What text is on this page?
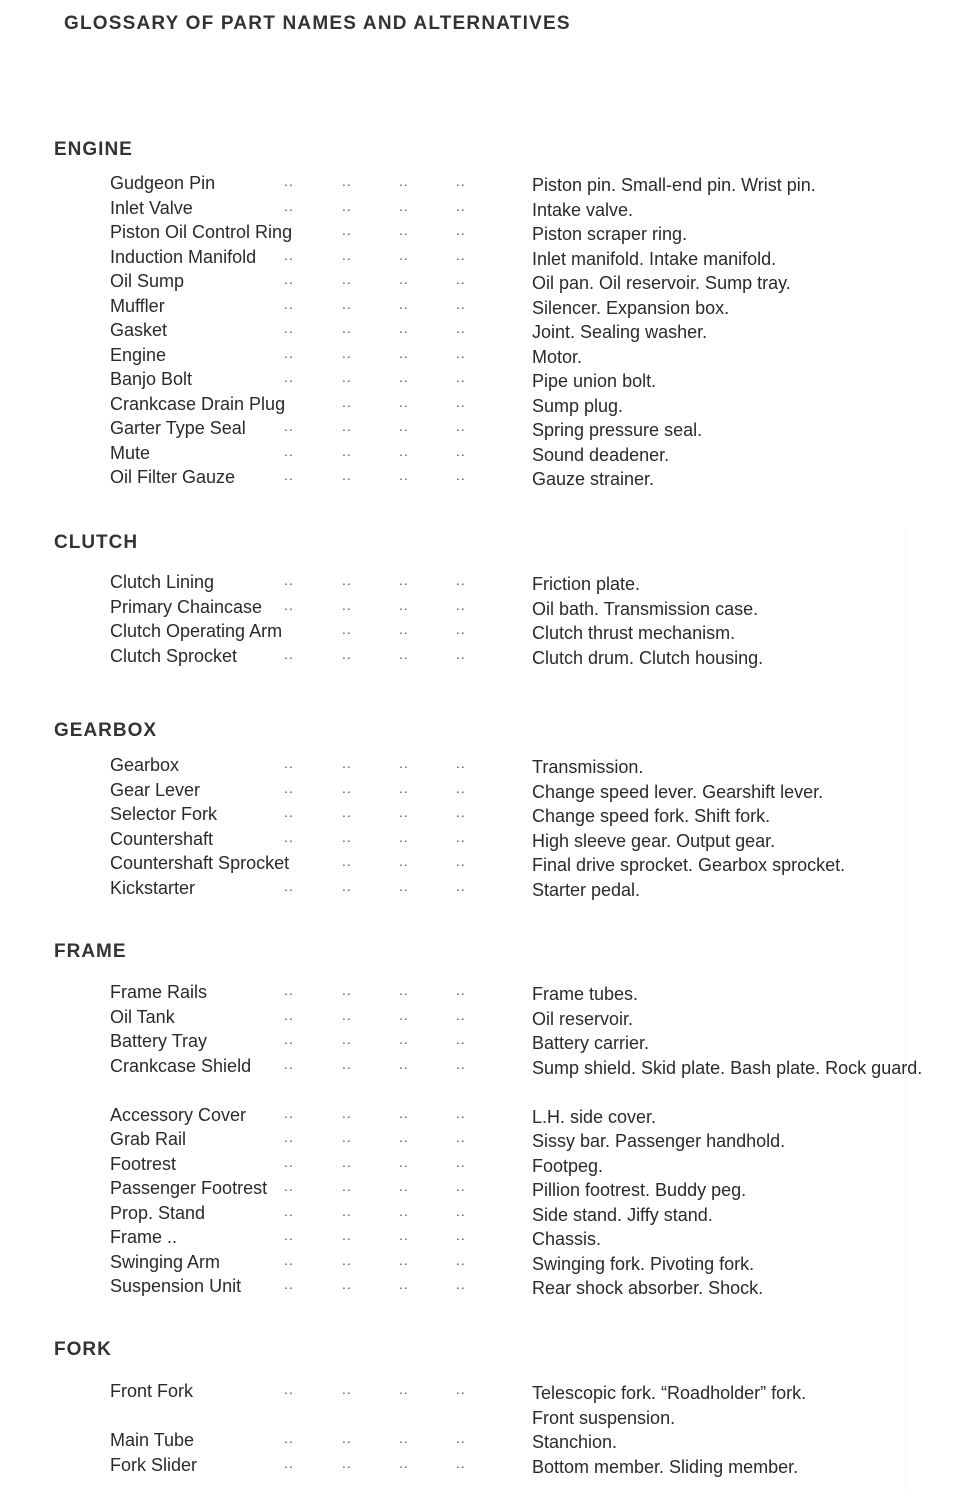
GLOSSARY OF PART NAMES AND ALTERNATIVES
ENGINE
Gudgeon Pin	..	..	..	..	Piston pin. Small-end pin. Wrist pin.
Inlet Valve	..	..	..	..	Intake valve.
Piston Oil Control Ring	..	..	..	Piston scraper ring.
Induction Manifold ..	..	..	..	Inlet manifold. Intake manifold.
Oil Sump	..	..	..	..	Oil pan. Oil reservoir. Sump tray.
Muffler	..	..	..	..	Silencer. Expansion box.
Gasket	..	..	..	..	Joint. Sealing washer.
Engine	..	..	..	..	Motor.
Banjo Bolt	..	..	..	..	Pipe union bolt.
Crankcase Drain Plug	..	..	..	Sump plug.
Garter Type Seal	..	..	..	..	Spring pressure seal.
Mute	..	..	..	..	Sound deadener.
Oil Filter Gauze	..	..	..	..	Gauze strainer.
CLUTCH
Clutch Lining	..	..	..	..	Friction plate.
Primary Chaincase ..	..	..	..	Oil bath. Transmission case.
Clutch Operating Arm	..	..	..	Clutch thrust mechanism.
Clutch Sprocket	..	..	..	..	Clutch drum. Clutch housing.
GEARBOX
Gearbox	..	..	..	..	Transmission.
Gear Lever	..	..	..	..	Change speed lever. Gearshift lever.
Selector Fork	..	..	..	..	Change speed fork. Shift fork.
Countershaft	..	..	..	..	High sleeve gear. Output gear.
Countershaft Sprocket	..	..	..	Final drive sprocket. Gearbox sprocket.
Kickstarter	..	..	..	..	Starter pedal.
FRAME
Frame Rails	..	..	..	..	Frame tubes.
Oil Tank	..	..	..	..	Oil reservoir.
Battery Tray	..	..	..	..	Battery carrier.
Crankcase Shield ..	..	..	..	Sump shield. Skid plate. Bash plate. Rock guard.
Accessory Cover	..	..	..	..	L.H. side cover.
Grab Rail	..	..	..	..	Sissy bar. Passenger handhold.
Footrest	..	..	..	..	Footpeg.
Passenger Footrest ..	..	..	..	Pillion footrest. Buddy peg.
Prop. Stand	..	..	..	..	Side stand. Jiffy stand.
Frame ..	..	..	..	..	Chassis.
Swinging Arm	..	..	..	..	Swinging fork. Pivoting fork.
Suspension Unit	..	..	..	..	Rear shock absorber. Shock.
FORK
Front Fork	..	..	..	..	Telescopic fork. “Roadholder” fork. Front suspension.
Main Tube	..	..	..	..	Stanchion.
Fork Slider	..	..	..	..	Bottom member. Sliding member.
